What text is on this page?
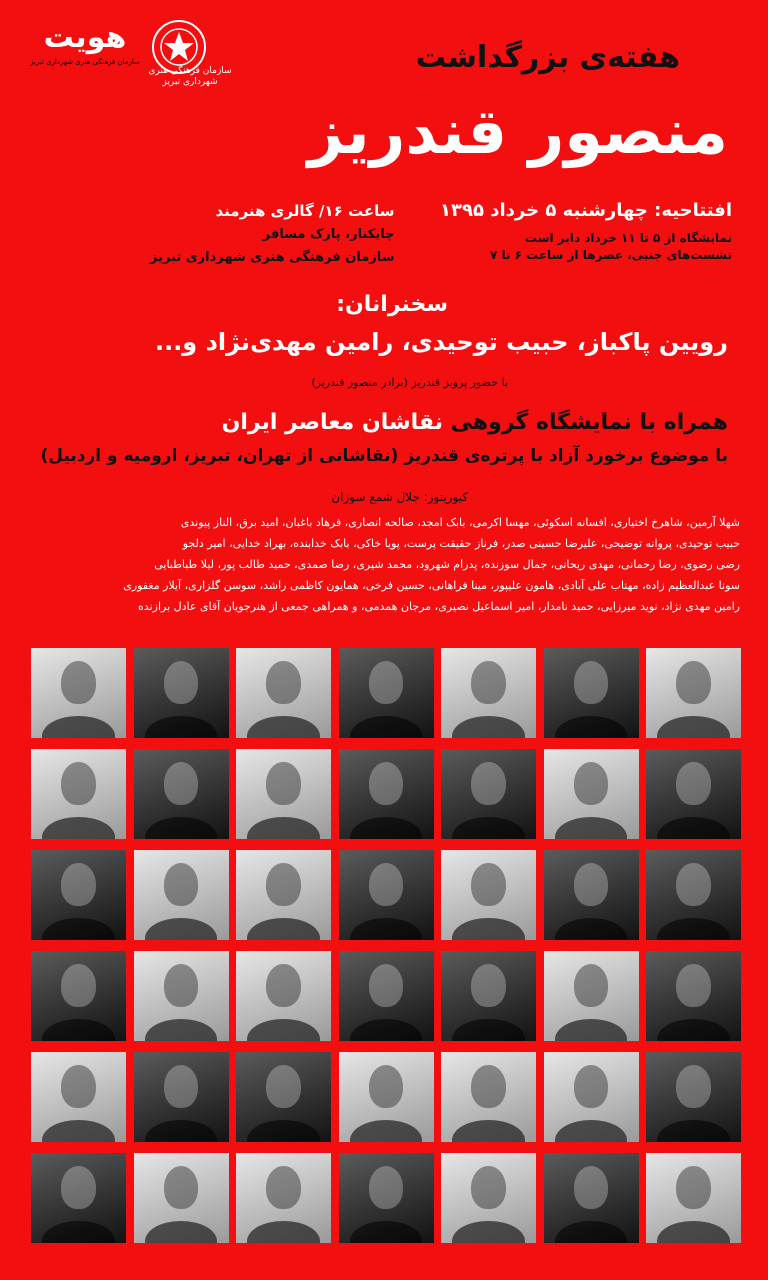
هویت
سازمان فرهنگی هنری شهرداری تبریز
سازمان فرهنگی هنری شهرداری تبریز
هفته‌ی بزرگداشت
منصور قندریز
افتتاحیه: چهارشنبه ۵ خرداد ۱۳۹۵
نمایشگاه از ۵ تا ۱۱ خرداد دایر است
نشست‌های جنبی، عصرها از ساعت ۶ تا ۷
ساعت ۱۶/ گالری هنرمند
چایکنار، پارک مسافر
سازمان فرهنگی هنری شهرداری تبریز
سخنرانان:
رویین پاکباز، حبیب توحیدی، رامین مهدی‌نژاد و...
با حضور پرویز قندریز (برادر منصور قندریز)
همراه با نمایشگاه گروهی نقاشان معاصر ایران
با موضوع برخورد آزاد با پرتره‌ی قندریز (نقاشانی از تهران، تبریز، ارومیه و اردبیل)
کیوریتور: جلال شمع سوزان
شهلا آرمین، شاهرخ اختیاری، افسانه اسکوئی، مهسا اکرمی، بابک امجد، صالحه انصاری، فرهاد باغبان، امید برق، الناز پیوندی
حبیب توحیدی، پروانه توضیحی، علیرضا حسینی صدر، فرناز حقیقت پرست، پویا خاکی، بابک خدابنده، بهراد خدایی، امیر دلجو
رضی رضوی، رضا رحمانی، مهدی ریحانی، جمال سوزنده، پدرام شهرود، محمد شیری، رضا صمدی، حمید طالب پور، لیلا طباطبایی
سونا عبدالعظیم زاده، مهتاب علی آبادی، هامون علیپور، مینا فراهانی، حسین فرخی، همایون کاظمی راشد، سوسن گلزاری، آیلار مغفوری
رامین مهدی نژاد، نوید میرزایی، حمید نامدار، امیر اسماعیل نصیری، مرجان همدمی، و همراهی جمعی از هنرجویان آقای عادل برازنده
